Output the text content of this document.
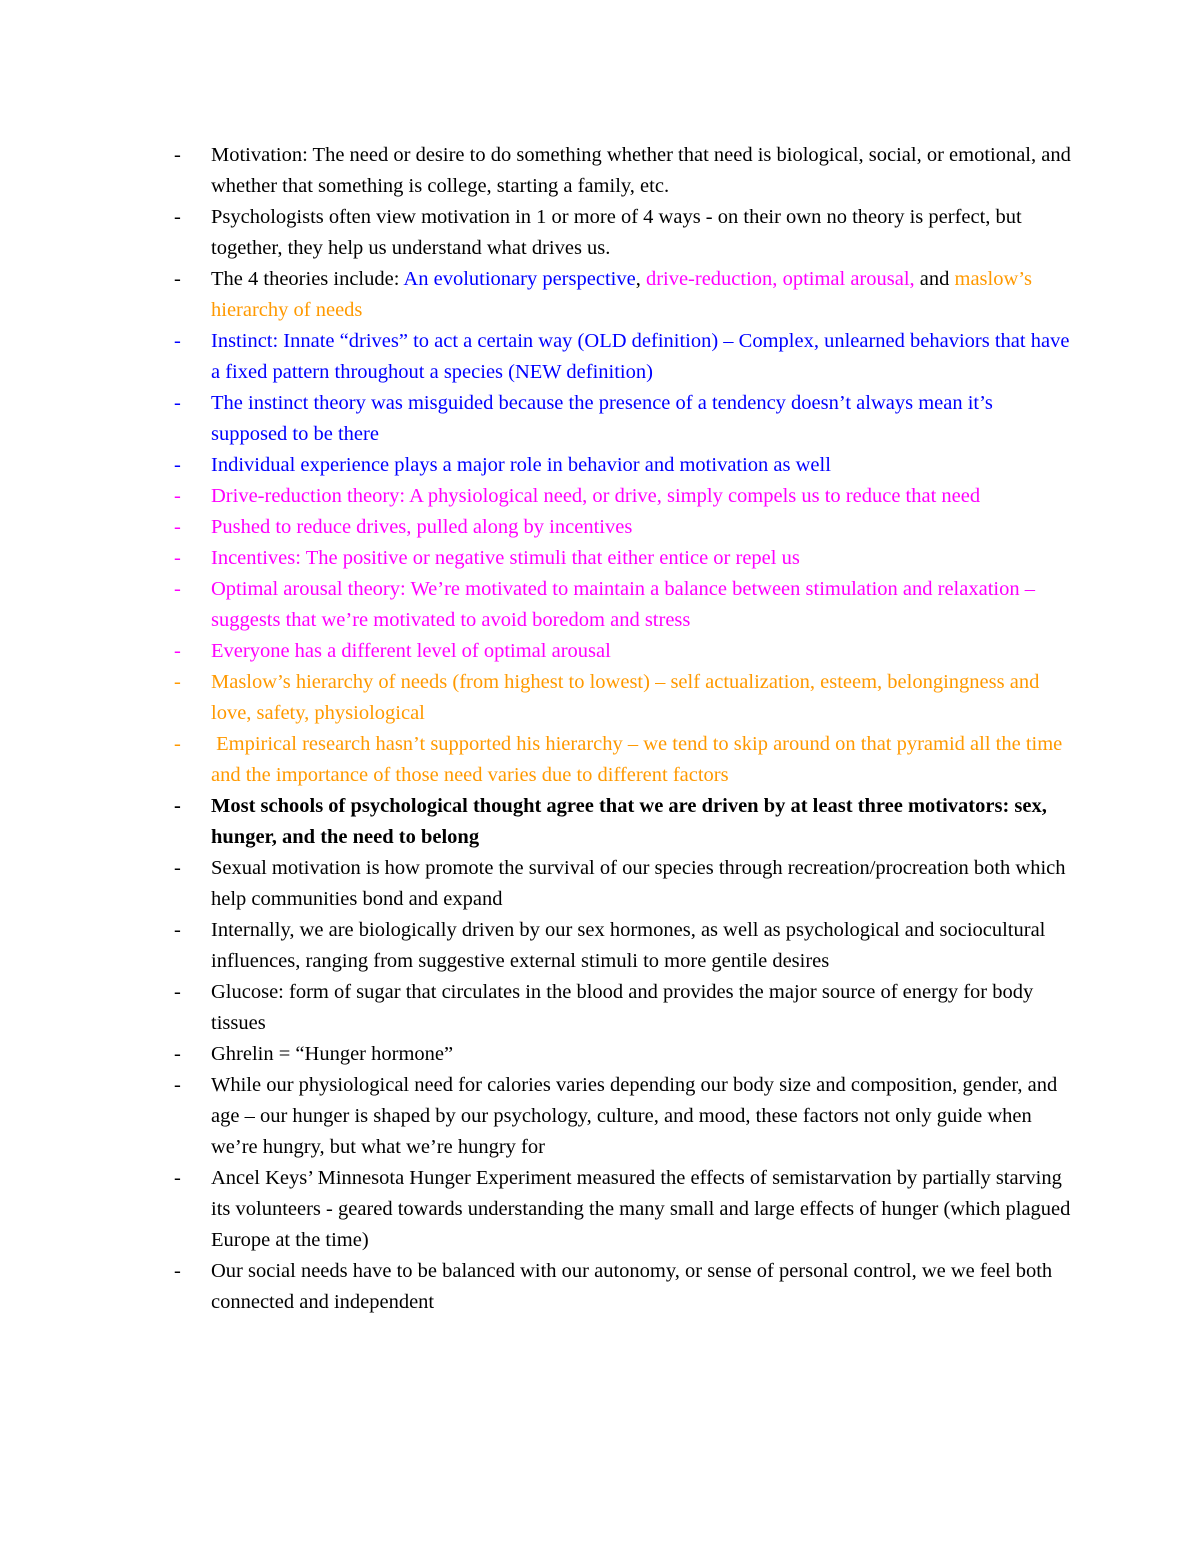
-	Motivation: The need or desire to do something whether that need is biological, social, or emotional, and whether that something is college, starting a family, etc.
-	Psychologists often view motivation in 1 or more of 4 ways - on their own no theory is perfect, but together, they help us understand what drives us.
-	The 4 theories include: An evolutionary perspective, drive-reduction, optimal arousal, and maslow’s hierarchy of needs
-	Instinct: Innate “drives” to act a certain way (OLD definition) – Complex, unlearned behaviors that have a fixed pattern throughout a species (NEW definition)
-	The instinct theory was misguided because the presence of a tendency doesn’t always mean it’s supposed to be there
-	Individual experience plays a major role in behavior and motivation as well
-	Drive-reduction theory: A physiological need, or drive, simply compels us to reduce that need
-	Pushed to reduce drives, pulled along by incentives
-	Incentives: The positive or negative stimuli that either entice or repel us
-	Optimal arousal theory: We’re motivated to maintain a balance between stimulation and relaxation – suggests that we’re motivated to avoid boredom and stress
-	Everyone has a different level of optimal arousal
-	Maslow’s hierarchy of needs (from highest to lowest) – self actualization, esteem, belongingness and love, safety, physiological
-	Empirical research hasn’t supported his hierarchy – we tend to skip around on that pyramid all the time and the importance of those need varies due to different factors
-	Most schools of psychological thought agree that we are driven by at least three motivators: sex, hunger, and the need to belong
-	Sexual motivation is how promote the survival of our species through recreation/procreation both which help communities bond and expand
-	Internally, we are biologically driven by our sex hormones, as well as psychological and sociocultural influences, ranging from suggestive external stimuli to more gentile desires
-	Glucose: form of sugar that circulates in the blood and provides the major source of energy for body tissues
-	Ghrelin = “Hunger hormone”
-	While our physiological need for calories varies depending our body size and composition, gender, and age – our hunger is shaped by our psychology, culture, and mood, these factors not only guide when we’re hungry, but what we’re hungry for
-	Ancel Keys’ Minnesota Hunger Experiment measured the effects of semistarvation by partially starving its volunteers - geared towards understanding the many small and large effects of hunger (which plagued Europe at the time)
-	Our social needs have to be balanced with our autonomy, or sense of personal control, we we feel both connected and independent
